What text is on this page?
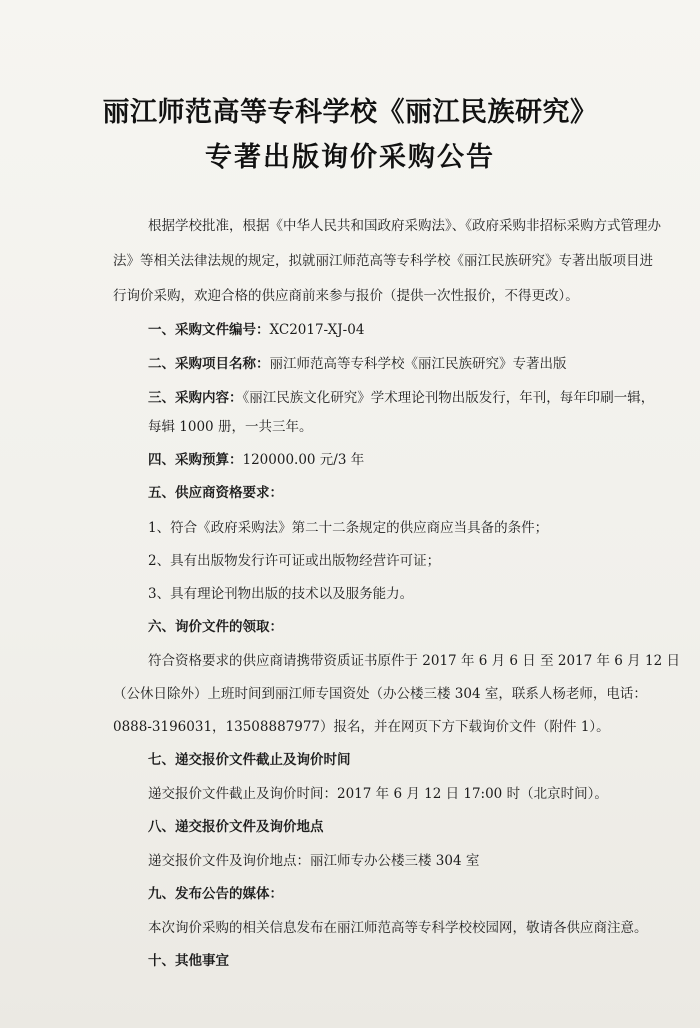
丽江师范高等专科学校《丽江民族研究》
专著出版询价采购公告
根据学校批准，根据《中华人民共和国政府采购法》、《政府采购非招标采购方式管理办
法》等相关法律法规的规定，拟就丽江师范高等专科学校《丽江民族研究》专著出版项目进
行询价采购，欢迎合格的供应商前来参与报价（提供一次性报价，不得更改）。
一、采购文件编号：XC2017-XJ-04
二、采购项目名称：丽江师范高等专科学校《丽江民族研究》专著出版
三、采购内容：《丽江民族文化研究》学术理论刊物出版发行，年刊，每年印刷一辑，
每辑 1000 册，一共三年。
四、采购预算：120000.00 元/3 年
五、供应商资格要求：
1、符合《政府采购法》第二十二条规定的供应商应当具备的条件；
2、具有出版物发行许可证或出版物经营许可证；
3、具有理论刊物出版的技术以及服务能力。
六、询价文件的领取：
符合资格要求的供应商请携带资质证书原件于 2017 年 6 月 6 日 至 2017 年 6 月 12 日
（公休日除外）上班时间到丽江师专国资处（办公楼三楼 304 室，联系人杨老师，电话：
0888-3196031，13508887977）报名，并在网页下方下载询价文件（附件 1）。
七、递交报价文件截止及询价时间
递交报价文件截止及询价时间：2017 年 6 月 12 日 17:00 时（北京时间）。
八、递交报价文件及询价地点
递交报价文件及询价地点：丽江师专办公楼三楼 304 室
九、发布公告的媒体：
本次询价采购的相关信息发布在丽江师范高等专科学校校园网，敬请各供应商注意。
十、其他事宜
